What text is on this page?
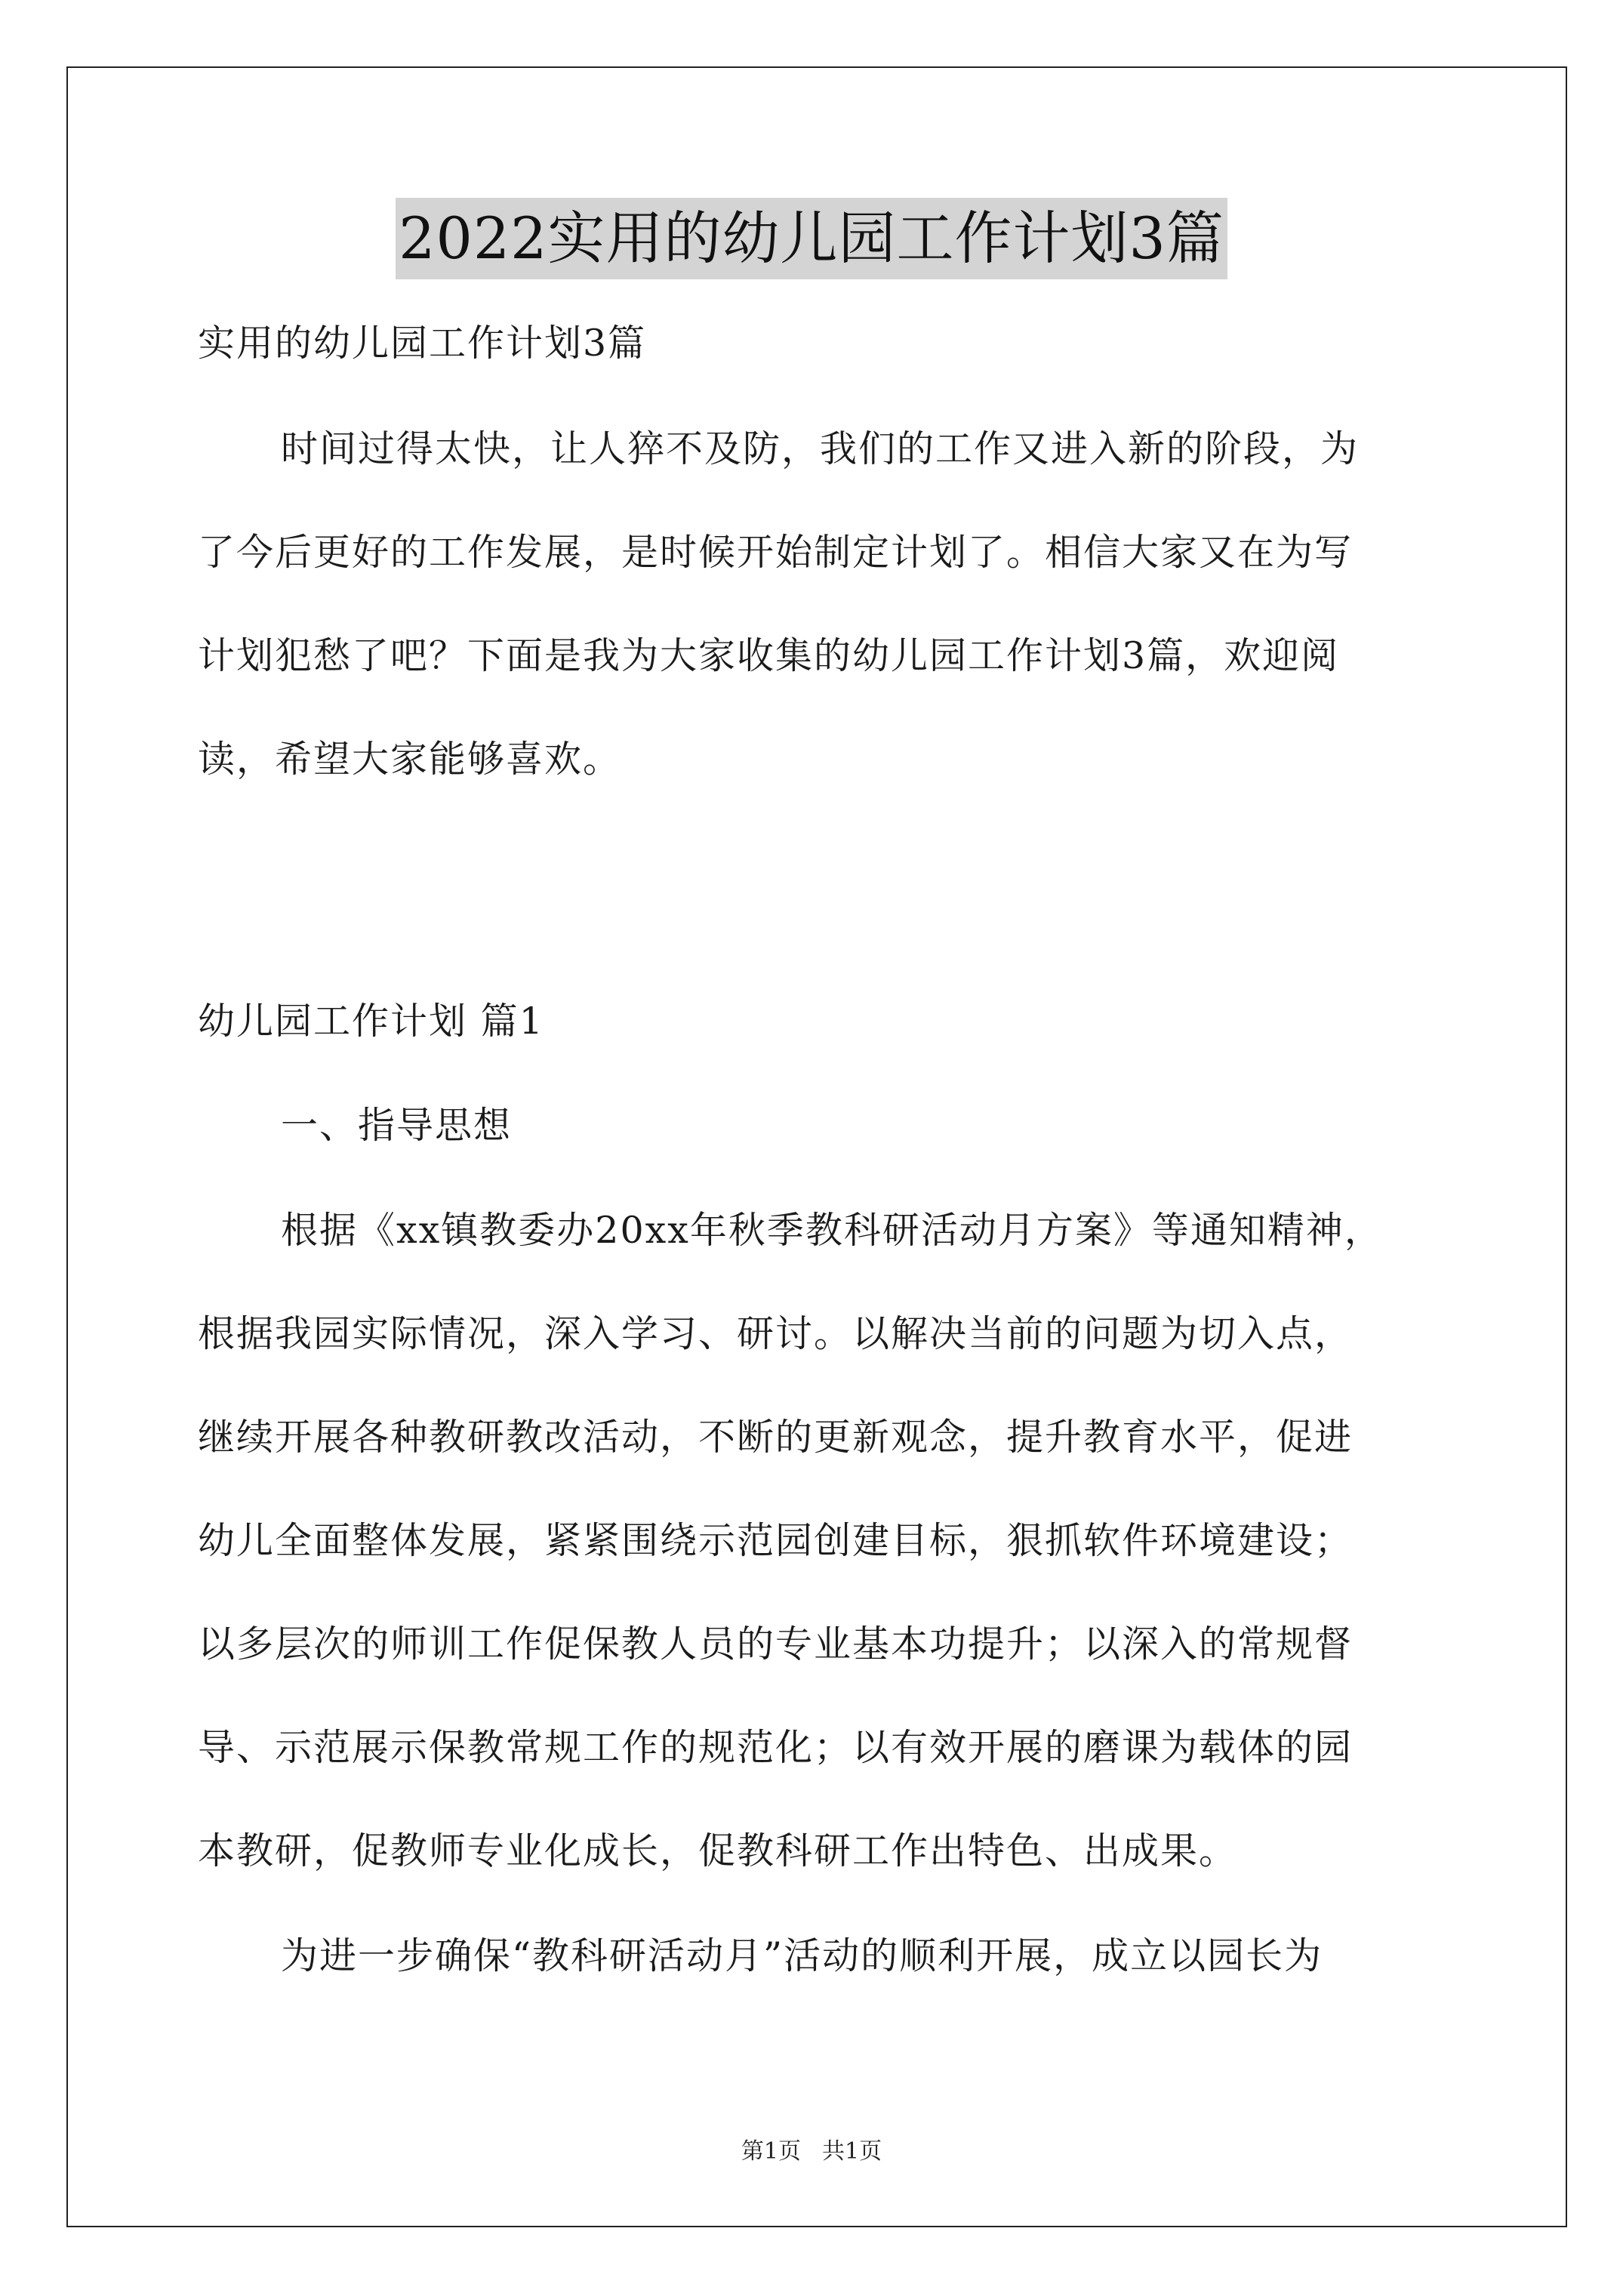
2022实用的幼儿园工作计划3篇
实用的幼儿园工作计划3篇
时间过得太快，让人猝不及防，我们的工作又进入新的阶段，为
了今后更好的工作发展，是时候开始制定计划了。相信大家又在为写
计划犯愁了吧？下面是我为大家收集的幼儿园工作计划3篇，欢迎阅
读，希望大家能够喜欢。
幼儿园工作计划 篇1
一、指导思想
根据《xx镇教委办20xx年秋季教科研活动月方案》等通知精神，
根据我园实际情况，深入学习、研讨。以解决当前的问题为切入点，
继续开展各种教研教改活动，不断的更新观念，提升教育水平，促进
幼儿全面整体发展，紧紧围绕示范园创建目标，狠抓软件环境建设；
以多层次的师训工作促保教人员的专业基本功提升；以深入的常规督
导、示范展示保教常规工作的规范化；以有效开展的磨课为载体的园
本教研，促教师专业化成长，促教科研工作出特色、出成果。
为进一步确保“教科研活动月”活动的顺利开展，成立以园长为
第1页 共1页
